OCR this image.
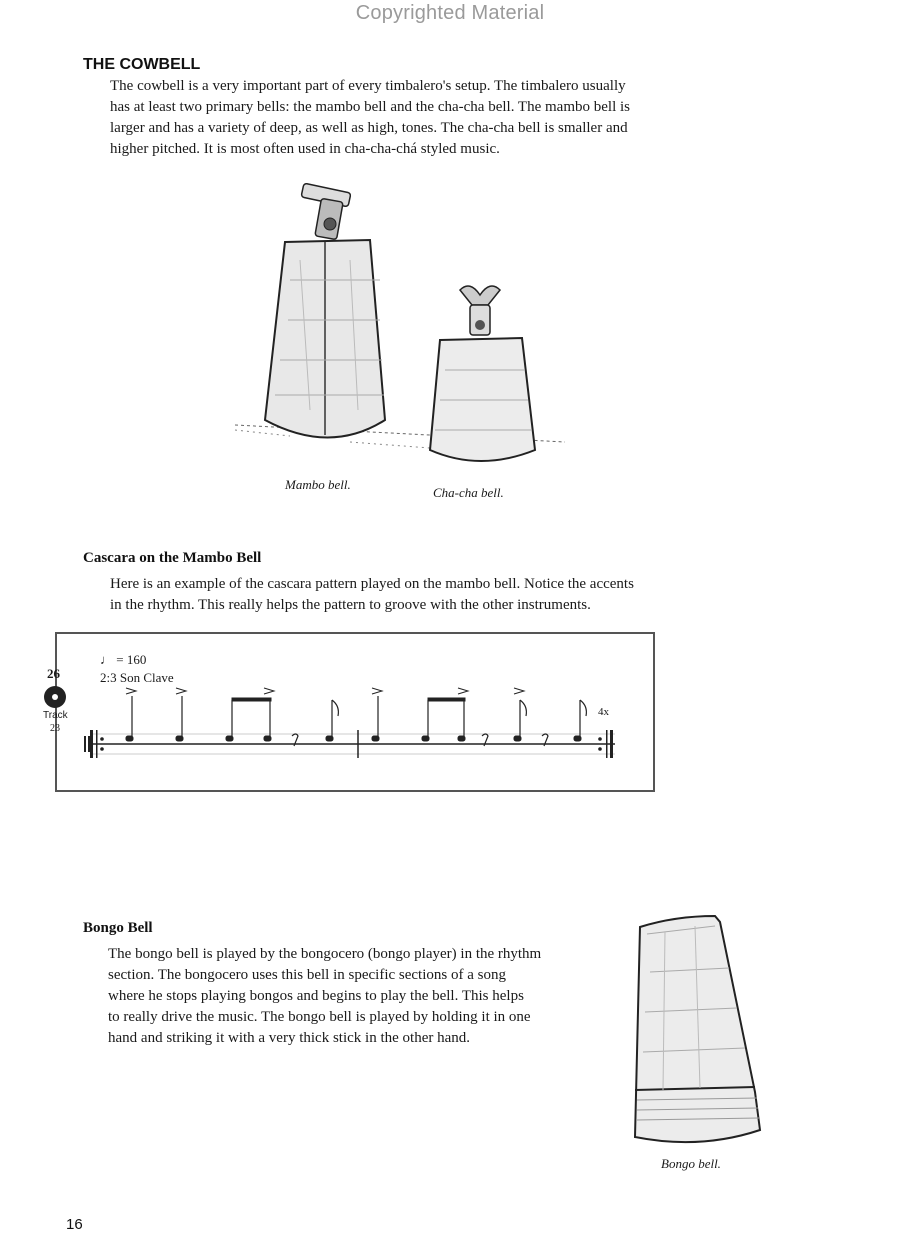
Copyrighted Material
THE COWBELL
The cowbell is a very important part of every timbalero's setup. The timbalero usually
has at least two primary bells: the mambo bell and the cha-cha bell. The mambo bell is
larger and has a variety of deep, as well as high, tones. The cha-cha bell is smaller and
higher pitched. It is most often used in cha-cha-chá styled music.
Mambo bell.
Cha-cha bell.
Cascara on the Mambo Bell
Here is an example of the cascara pattern played on the mambo bell. Notice the accents
in the rhythm. This really helps the pattern to groove with the other instruments.
26
Track
23
♩ = 160
2:3 Son Clave
4x
Bongo Bell
The bongo bell is played by the bongocero (bongo player) in the rhythm
section. The bongocero uses this bell in specific sections of a song
where he stops playing bongos and begins to play the bell. This helps
to really drive the music. The bongo bell is played by holding it in one
hand and striking it with a very thick stick in the other hand.
Bongo bell.
16
